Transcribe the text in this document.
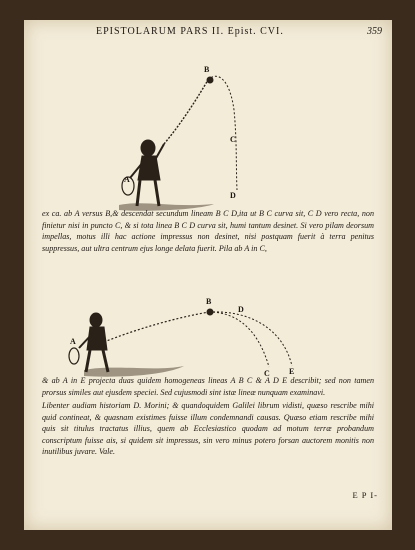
EPISTOLARUM PARS II. Epist. CVI.	359
A
B
C
D
ex ca. ab A versus B,& descendat secundum lineam B C D,ita ut B C curva sit, C D vero recta, non finietur nisi in puncto C, & si tota linea B C D curva sit, humi tantum desinet. Si vero pilam deorsum impellas, motus illi hac actione impressus non desinet, nisi postquam fuerit à terra penitus suppressus, aut ultra centrum ejus longe delata fuerit. Pila ab A in C,
A
B
D
C E
& ab A in E projecta duas quidem homogeneas lineas A B C & A D E describit; sed non tamen prorsus similes aut ejusdem speciei. Sed cujusmodi sint istæ lineæ nunquam examinavi.
Libenter audiam historiam D. Morini; & quandoquidem Galilei librum vidisti, quæso rescribe mihi quid contineat, & quasnam existimes fuisse illum condemnandi causas. Quæso etiam rescribe mihi quis sit titulus tractatus illius, quem ab Ecclesiastico quodam ad motum terræ probandum conscriptum fuisse ais, si quidem sit impressus, sin vero minus potero forsan auctorem monitis non inutilibus juvare. Vale.
E P I-
